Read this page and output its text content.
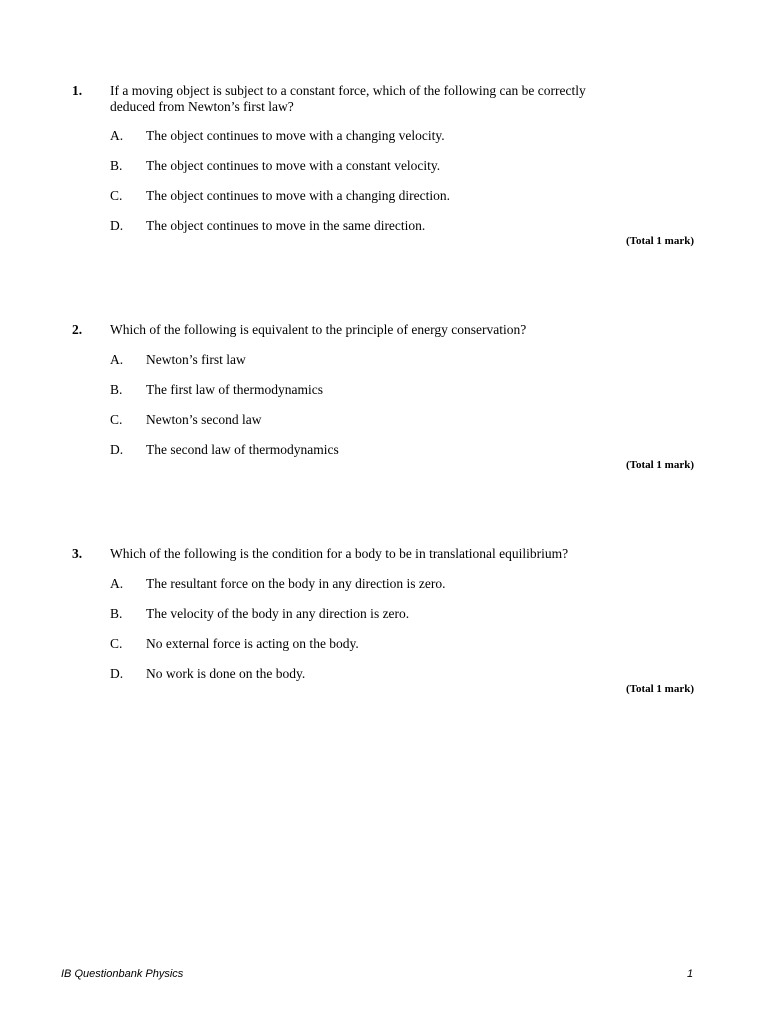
1. If a moving object is subject to a constant force, which of the following can be correctly deduced from Newton’s first law?
A. The object continues to move with a changing velocity.
B. The object continues to move with a constant velocity.
C. The object continues to move with a changing direction.
D. The object continues to move in the same direction.
(Total 1 mark)
2. Which of the following is equivalent to the principle of energy conservation?
A. Newton’s first law
B. The first law of thermodynamics
C. Newton’s second law
D. The second law of thermodynamics
(Total 1 mark)
3. Which of the following is the condition for a body to be in translational equilibrium?
A. The resultant force on the body in any direction is zero.
B. The velocity of the body in any direction is zero.
C. No external force is acting on the body.
D. No work is done on the body.
(Total 1 mark)
IB Questionbank Physics	1
